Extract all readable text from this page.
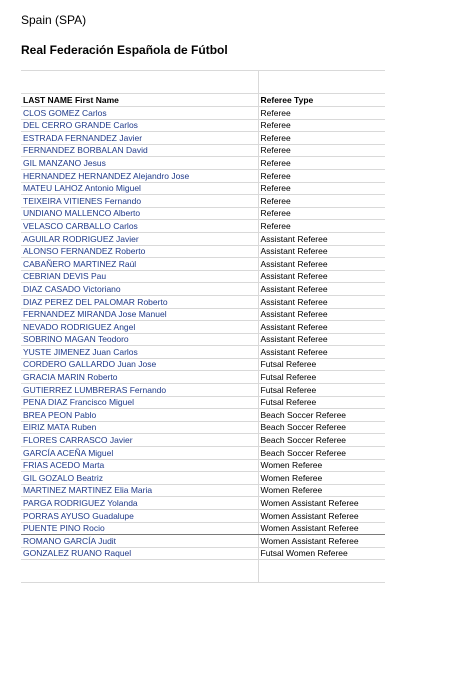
Spain (SPA)
Real Federación Española de Fútbol

LAST NAME First Name	Referee Type
CLOS GOMEZ Carlos	Referee
DEL CERRO GRANDE Carlos	Referee
ESTRADA FERNANDEZ Javier	Referee
FERNANDEZ BORBALAN David	Referee
GIL MANZANO Jesus	Referee
HERNANDEZ HERNANDEZ Alejandro Jose	Referee
MATEU LAHOZ Antonio Miguel	Referee
TEIXEIRA VITIENES Fernando	Referee
UNDIANO MALLENCO Alberto	Referee
VELASCO CARBALLO Carlos	Referee
AGUILAR RODRIGUEZ Javier	Assistant Referee
ALONSO FERNANDEZ Roberto	Assistant Referee
CABAÑERO MARTINEZ Raúl	Assistant Referee
CEBRIAN DEVIS Pau	Assistant Referee
DIAZ CASADO Victoriano	Assistant Referee
DIAZ PEREZ DEL PALOMAR Roberto	Assistant Referee
FERNANDEZ MIRANDA Jose Manuel	Assistant Referee
NEVADO RODRIGUEZ Angel	Assistant Referee
SOBRINO MAGAN Teodoro	Assistant Referee
YUSTE JIMENEZ Juan Carlos	Assistant Referee
CORDERO GALLARDO Juan Jose	Futsal Referee
GRACIA MARIN Roberto	Futsal Referee
GUTIERREZ LUMBRERAS Fernando	Futsal Referee
PENA DIAZ Francisco Miguel	Futsal Referee
BREA PEON Pablo	Beach Soccer Referee
EIRIZ MATA Ruben	Beach Soccer Referee
FLORES CARRASCO Javier	Beach Soccer Referee
GARCÍA ACEÑA Miguel	Beach Soccer Referee
FRIAS ACEDO Marta	Women Referee
GIL GOZALO Beatriz	Women Referee
MARTINEZ MARTINEZ Elia Maria	Women Referee
PARGA RODRIGUEZ Yolanda	Women Assistant Referee
PORRAS AYUSO Guadalupe	Women Assistant Referee
PUENTE PINO Rocio	Women Assistant Referee
ROMANO GARCÍA Judit	Women Assistant Referee
GONZALEZ RUANO Raquel	Futsal Women Referee
